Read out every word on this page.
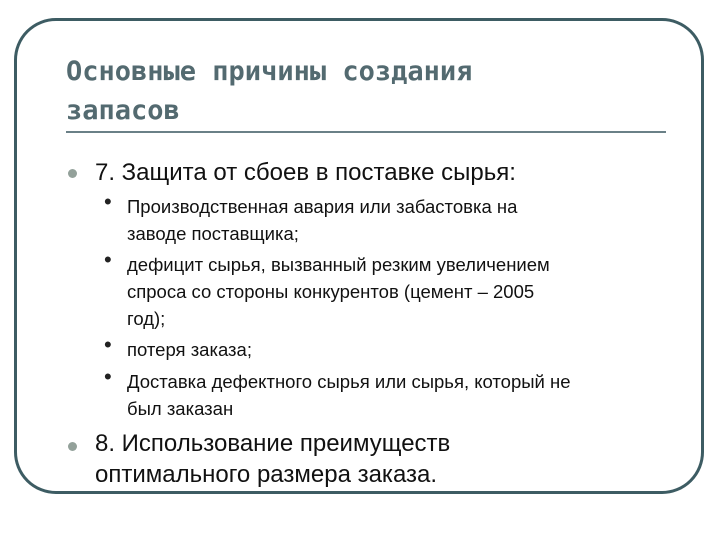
Основные причины создания
запасов
7. Защита от сбоев в поставке сырья:
• Производственная авария или забастовка на
заводе поставщика;
• дефицит сырья, вызванный резким увеличением
спроса со стороны конкурентов (цемент – 2005
год);
• потеря заказа;
• Доставка дефектного сырья или сырья, который не
был заказан
8. Использование преимуществ
оптимального размера заказа.
